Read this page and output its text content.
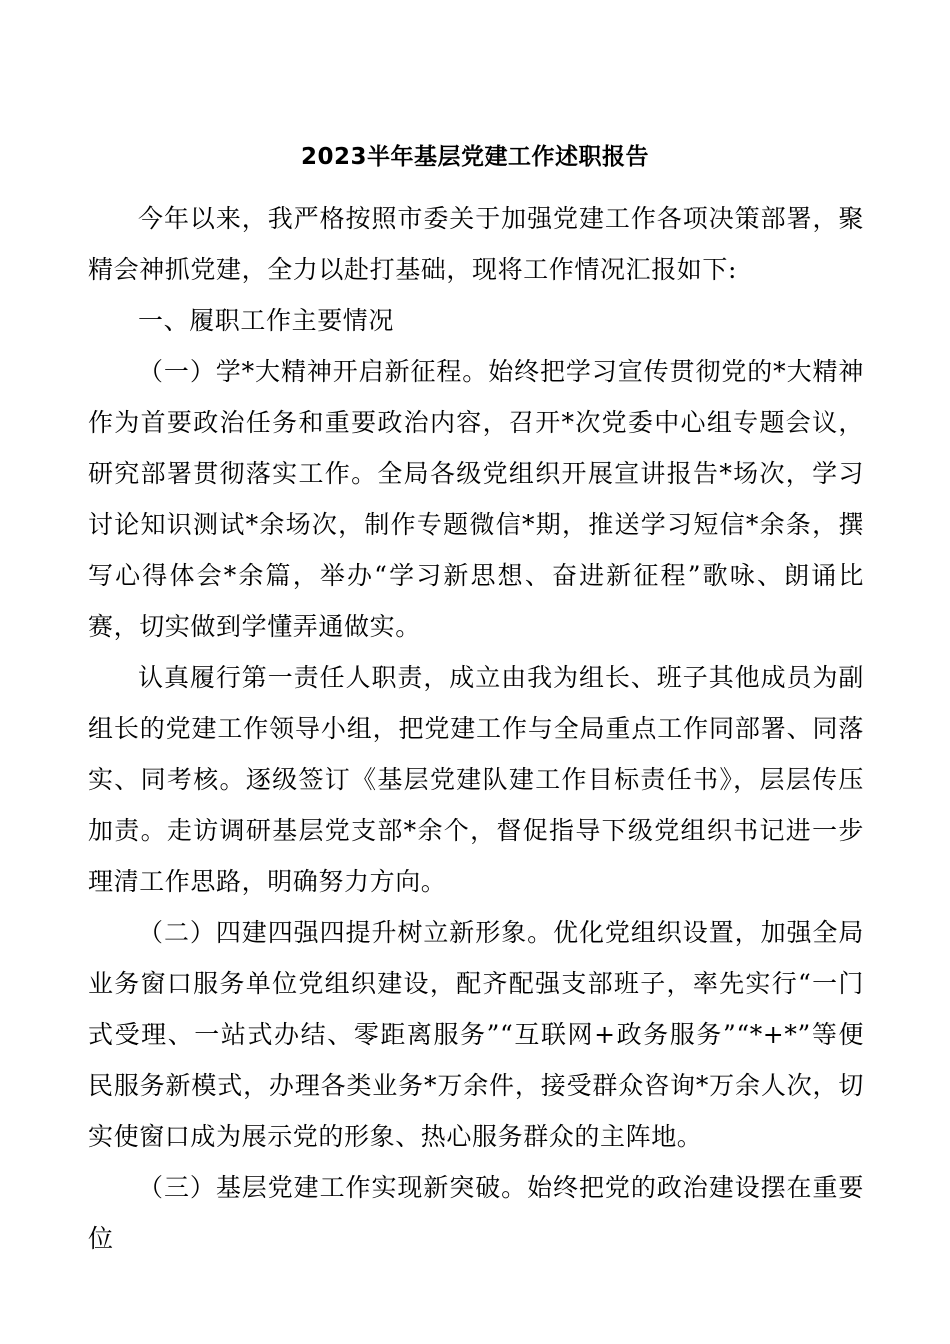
2023半年基层党建工作述职报告

今年以来，我严格按照市委关于加强党建工作各项决策部署，聚精会神抓党建，全力以赴打基础，现将工作情况汇报如下:

一、履职工作主要情况

（一）学*大精神开启新征程。始终把学习宣传贯彻党的*大精神作为首要政治任务和重要政治内容，召开*次党委中心组专题会议，研究部署贯彻落实工作。全局各级党组织开展宣讲报告*场次，学习讨论知识测试*余场次，制作专题微信*期，推送学习短信*余条，撰写心得体会*余篇，举办“学习新思想、奋进新征程”歌咏、朗诵比赛，切实做到学懂弄通做实。

认真履行第一责任人职责，成立由我为组长、班子其他成员为副组长的党建工作领导小组，把党建工作与全局重点工作同部署、同落实、同考核。逐级签订《基层党建队建工作目标责任书》，层层传压加责。走访调研基层党支部*余个，督促指导下级党组织书记进一步理清工作思路，明确努力方向。

（二）四建四强四提升树立新形象。优化党组织设置，加强全局业务窗口服务单位党组织建设，配齐配强支部班子，率先实行“一门式受理、一站式办结、零距离服务”“互联网+政务服务”“*+*”等便民服务新模式，办理各类业务*万余件，接受群众咨询*万余人次，切实使窗口成为展示党的形象、热心服务群众的主阵地。

（三）基层党建工作实现新突破。始终把党的政治建设摆在重要位
